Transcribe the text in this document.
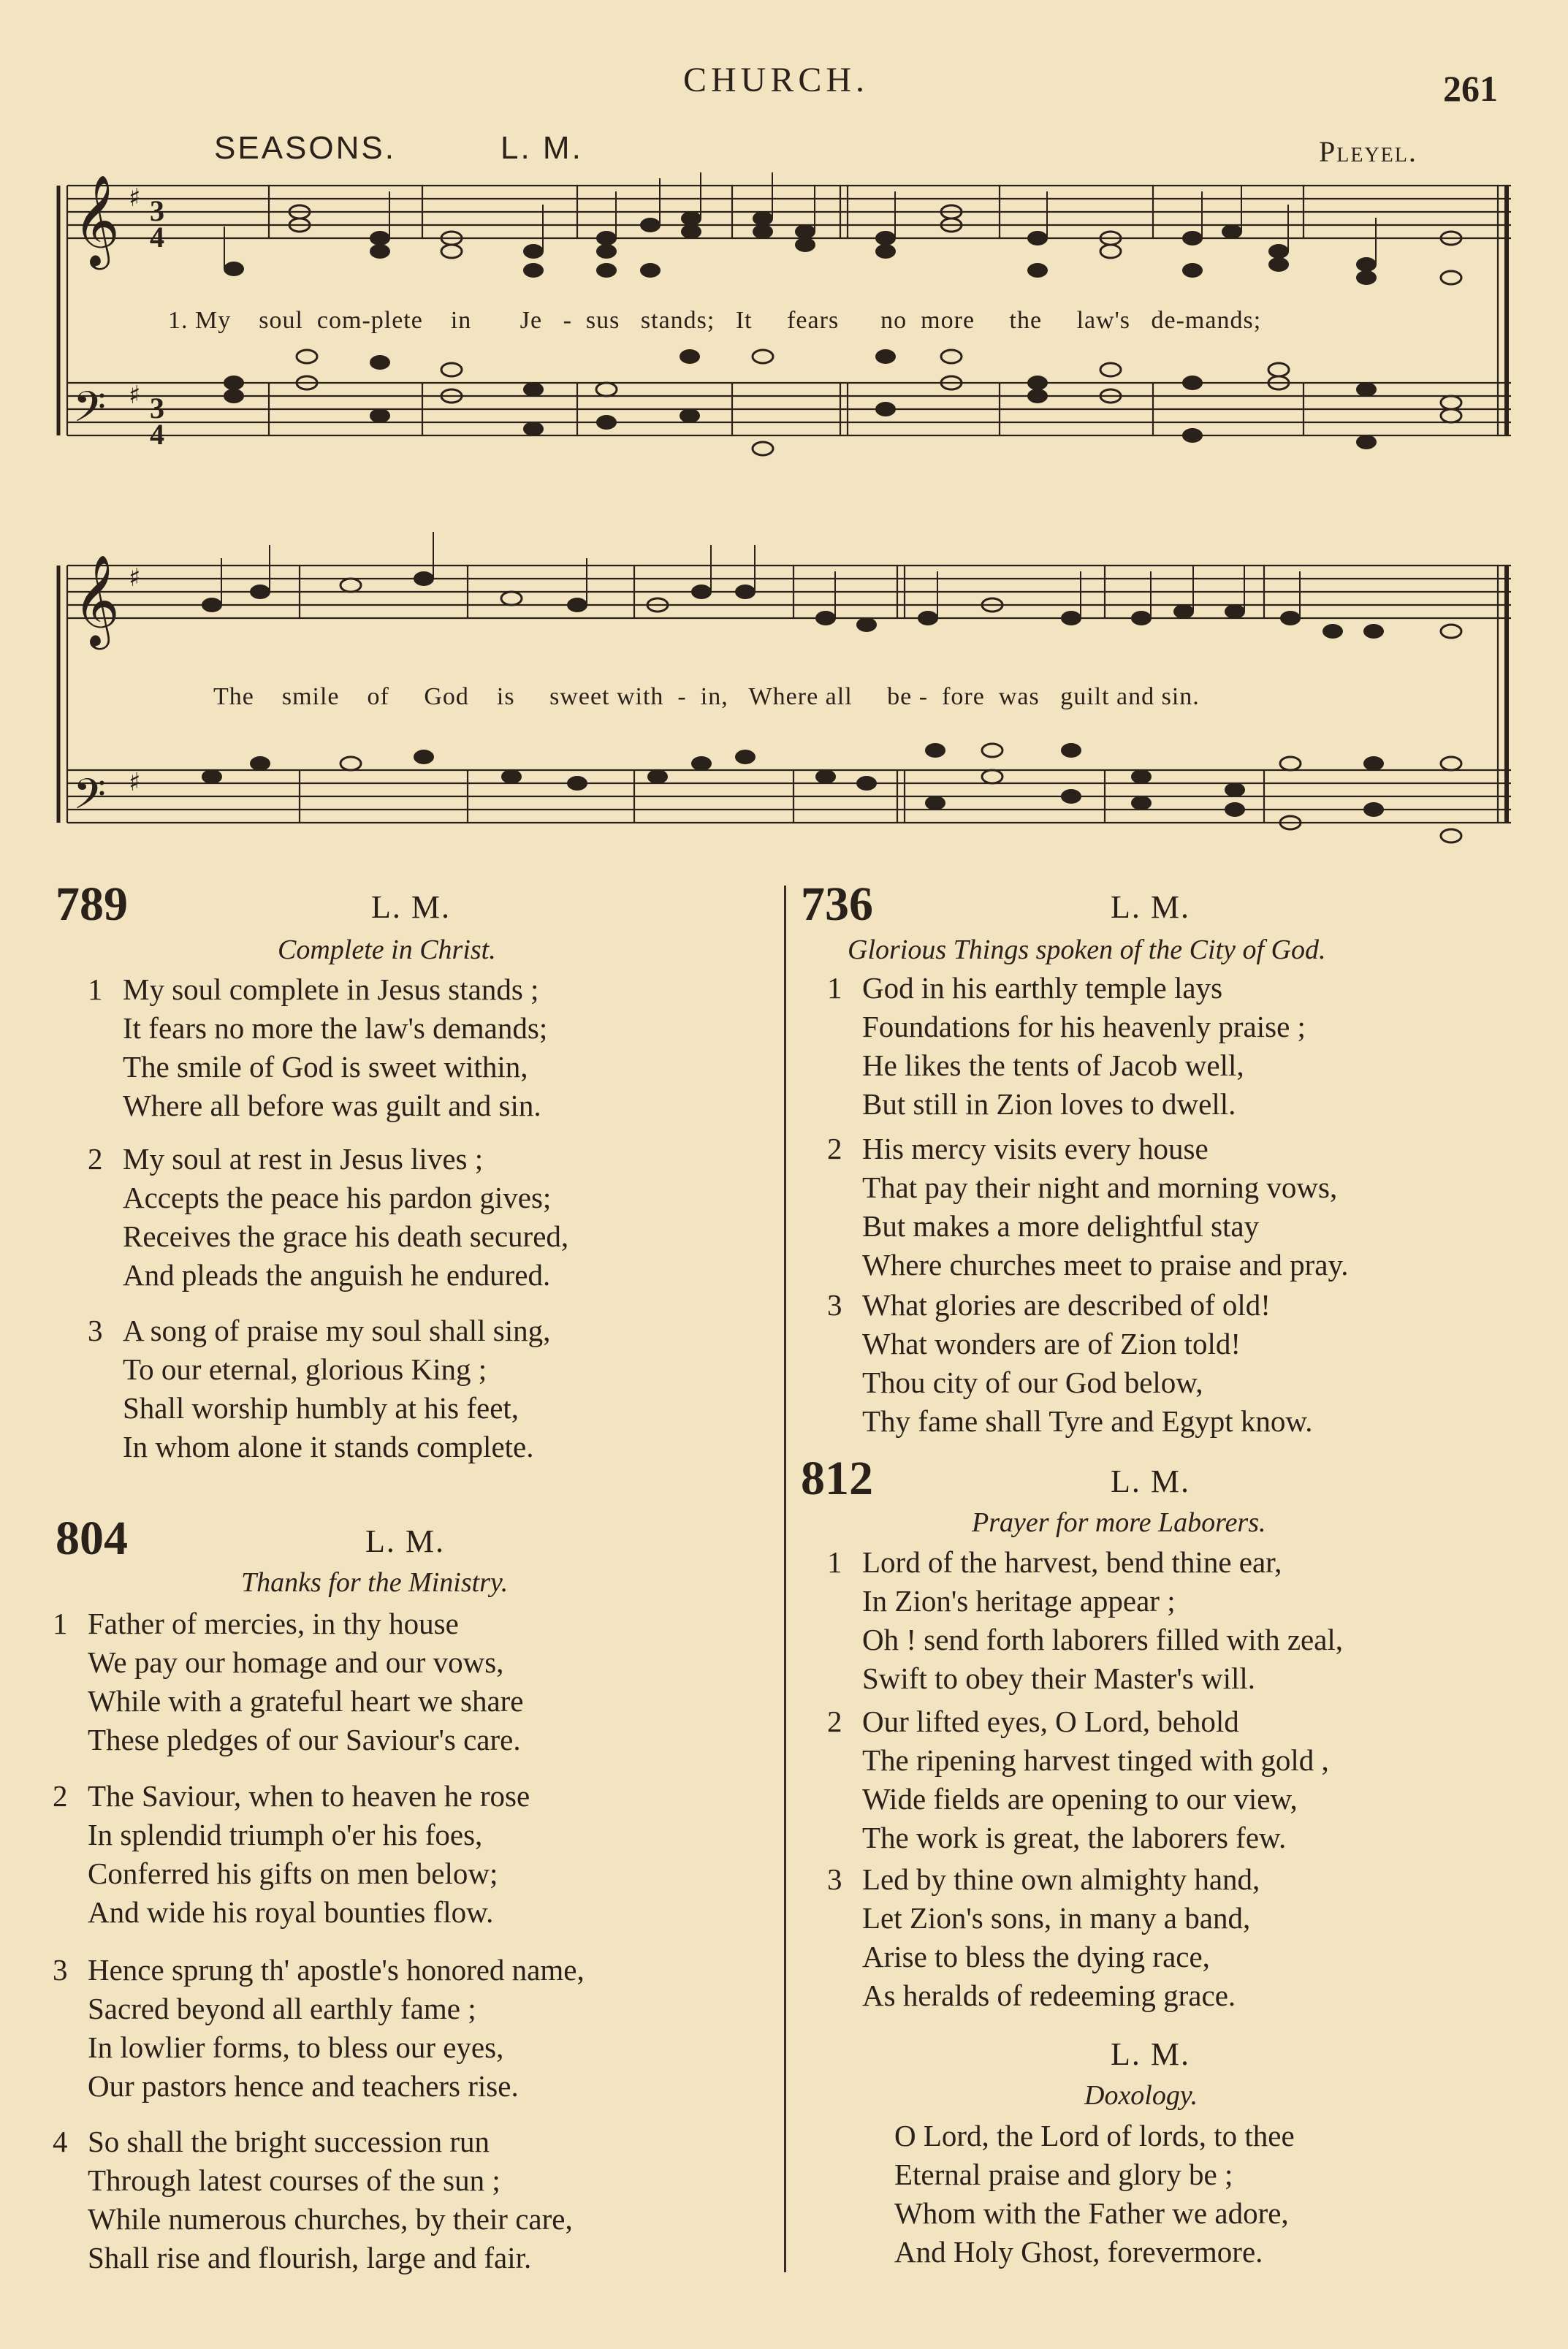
CHURCH.	261
SEASONS.	L. M.	Pleyel.
𝄞
𝄢
𝄞
𝄢
♯
♯
♯
♯
3
4
3
4
1. My    soul  com-plete    in       Je   -  sus   stands;   It     fears      no  more     the     law's   de-mands;
The    smile    of     God    is     sweet with  -  in,   Where all     be -  fore  was   guilt and sin.
789	L. M.
Complete in Christ.
1 My soul complete in Jesus stands ;
It fears no more the law's demands;
The smile of God is sweet within,
Where all before was guilt and sin.
2 My soul at rest in Jesus lives ;
Accepts the peace his pardon gives;
Receives the grace his death secured,
And pleads the anguish he endured.
3 A song of praise my soul shall sing,
To our eternal, glorious King ;
Shall worship humbly at his feet,
In whom alone it stands complete.
804	L. M.
Thanks for the Ministry.
1 Father of mercies, in thy house
We pay our homage and our vows,
While with a grateful heart we share
These pledges of our Saviour's care.
2 The Saviour, when to heaven he rose
In splendid triumph o'er his foes,
Conferred his gifts on men below;
And wide his royal bounties flow.
3 Hence sprung th' apostle's honored name,
Sacred beyond all earthly fame ;
In lowlier forms, to bless our eyes,
Our pastors hence and teachers rise.
4 So shall the bright succession run
Through latest courses of the sun ;
While numerous churches, by their care,
Shall rise and flourish, large and fair.
736	L. M.
Glorious Things spoken of the City of God.
1 God in his earthly temple lays
Foundations for his heavenly praise ;
He likes the tents of Jacob well,
But still in Zion loves to dwell.
2 His mercy visits every house
That pay their night and morning vows,
But makes a more delightful stay
Where churches meet to praise and pray.
3 What glories are described of old!
What wonders are of Zion told!
Thou city of our God below,
Thy fame shall Tyre and Egypt know.
812	L. M.
Prayer for more Laborers.
1 Lord of the harvest, bend thine ear,
In Zion's heritage appear ;
Oh ! send forth laborers filled with zeal,
Swift to obey their Master's will.
2 Our lifted eyes, O Lord, behold
The ripening harvest tinged with gold ,
Wide fields are opening to our view,
The work is great, the laborers few.
3 Led by thine own almighty hand,
Let Zion's sons, in many a band,
Arise to bless the dying race,
As heralds of redeeming grace.
L. M.
Doxology.
O Lord, the Lord of lords, to thee
Eternal praise and glory be ;
Whom with the Father we adore,
And Holy Ghost, forevermore.
